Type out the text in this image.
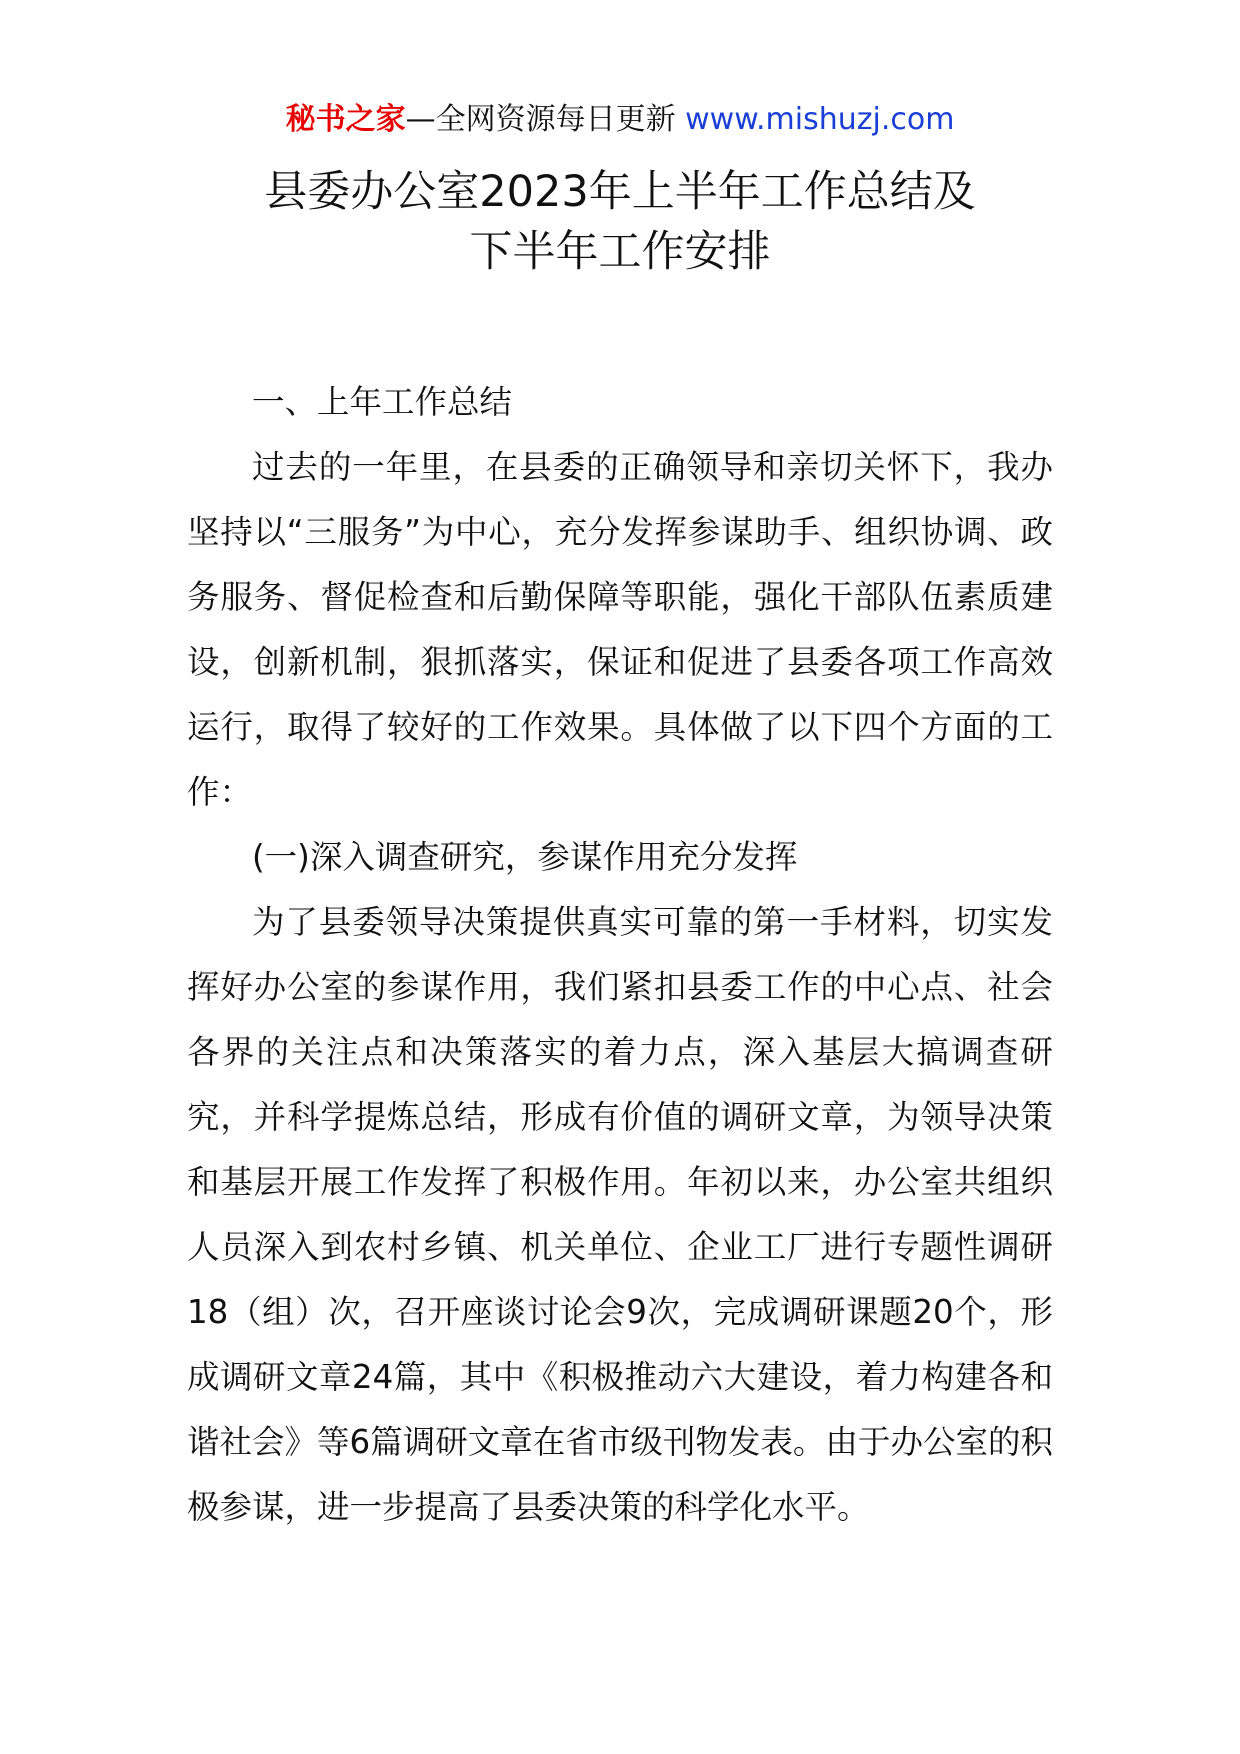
秘书之家—全网资源每日更新 www.mishuzj.com
县委办公室2023年上半年工作总结及
下半年工作安排

一、上年工作总结

过去的一年里，在县委的正确领导和亲切关怀下，我办坚持以“三服务”为中心，充分发挥参谋助手、组织协调、政务服务、督促检查和后勤保障等职能，强化干部队伍素质建设，创新机制，狠抓落实，保证和促进了县委各项工作高效运行，取得了较好的工作效果。具体做了以下四个方面的工作：

(一)深入调查研究，参谋作用充分发挥

为了县委领导决策提供真实可靠的第一手材料，切实发挥好办公室的参谋作用，我们紧扣县委工作的中心点、社会各界的关注点和决策落实的着力点，深入基层大搞调查研究，并科学提炼总结，形成有价值的调研文章，为领导决策和基层开展工作发挥了积极作用。年初以来，办公室共组织人员深入到农村乡镇、机关单位、企业工厂进行专题性调研18（组）次，召开座谈讨论会9次，完成调研课题20个，形成调研文章24篇，其中《积极推动六大建设，着力构建各和谐社会》等6篇调研文章在省市级刊物发表。由于办公室的积极参谋，进一步提高了县委决策的科学化水平。
